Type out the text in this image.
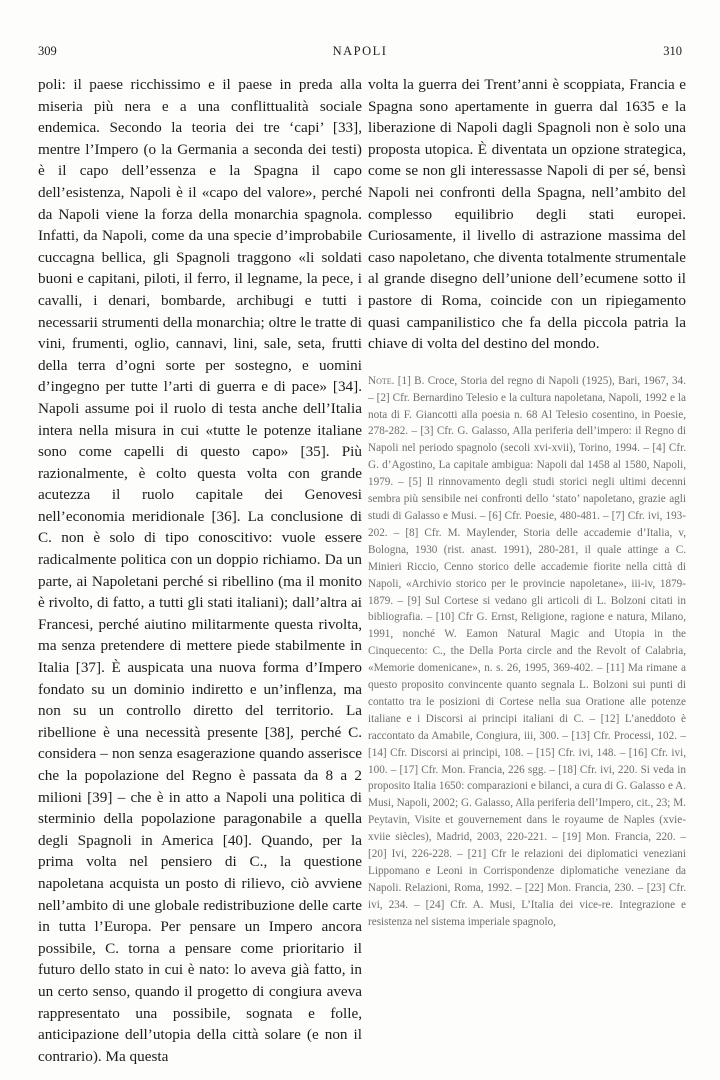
309	NAPOLI	310

poli: il paese ricchissimo e il paese in preda alla miseria più nera e a una conflittualità sociale endemica. Secondo la teoria dei tre ‘capi’ [33], mentre l’Impero (o la Germania a seconda dei testi) è il capo dell’essenza e la Spagna il capo dell’esistenza, Napoli è il «capo del valore», perché da Napoli viene la forza della monarchia spagnola. Infatti, da Napoli, come da una specie d’improbabile cuccagna bellica, gli Spagnoli traggono «li soldati buoni e capitani, piloti, il ferro, il legname, la pece, i cavalli, i denari, bombarde, archibugi e tutti i necessarii strumenti della monarchia; oltre le tratte di vini, frumenti, oglio, cannavi, lini, sale, seta, frutti della terra d’ogni sorte per sostegno, e uomini d’ingegno per tutte l’arti di guerra e di pace» [34]. Napoli assume poi il ruolo di testa anche dell’Italia intera nella misura in cui «tutte le potenze italiane sono come capelli di questo capo» [35]. Più razionalmente, è colto questa volta con grande acutezza il ruolo capitale dei Genovesi nell’economia meridionale [36]. La conclusione di C. non è solo di tipo conoscitivo: vuole essere radicalmente politica con un doppio richiamo. Da un parte, ai Napoletani perché si ribellino (ma il monito è rivolto, di fatto, a tutti gli stati italiani); dall’altra ai Francesi, perché aiutino militarmente questa rivolta, ma senza pretendere di mettere piede stabilmente in Italia [37]. È auspicata una nuova forma d’Impero fondato su un dominio indiretto e un’inflenza, ma non su un controllo diretto del territorio. La ribellione è una necessità presente [38], perché C. considera – non senza esagerazione quando asserisce che la popolazione del Regno è passata da 8 a 2 milioni [39] – che è in atto a Napoli una politica di sterminio della popolazione paragonabile a quella degli Spagnoli in America [40]. Quando, per la prima volta nel pensiero di C., la questione napoletana acquista un posto di rilievo, ciò avviene nell’ambito di une globale redistribuzione delle carte in tutta l’Europa. Per pensare un Impero ancora possibile, C. torna a pensare come prioritario il futuro dello stato in cui è nato: lo aveva già fatto, in un certo senso, quando il progetto di congiura aveva rappresentato una possibile, sognata e folle, anticipazione dell’utopia della città solare (e non il contrario). Ma questa

volta la guerra dei Trent’anni è scoppiata, Francia e Spagna sono apertamente in guerra dal 1635 e la liberazione di Napoli dagli Spagnoli non è solo una proposta utopica. È diventata un opzione strategica, come se non gli interessasse Napoli di per sé, bensì Napoli nei confronti della Spagna, nell’ambito del complesso equilibrio degli stati europei. Curiosamente, il livello di astrazione massima del caso napoletano, che diventa totalmente strumentale al grande disegno dell’unione dell’ecumene sotto il pastore di Roma, coincide con un ripiegamento quasi campanilistico che fa della piccola patria la chiave di volta del destino del mondo.

Note. [1] B. Croce, Storia del regno di Napoli (1925), Bari, 1967, 34. – [2] Cfr. Bernardino Telesio e la cultura napoletana, Napoli, 1992 e la nota di F. Giancotti alla poesia n. 68 Al Telesio cosentino, in Poesie, 278-282. – [3] Cfr. G. Galasso, Alla periferia dell’impero: il Regno di Napoli nel periodo spagnolo (secoli xvi-xvii), Torino, 1994. – [4] Cfr. G. d’Agostino, La capitale ambigua: Napoli dal 1458 al 1580, Napoli, 1979. – [5] Il rinnovamento degli studi storici negli ultimi decenni sembra più sensibile nei confronti dello ‘stato’ napoletano, grazie agli studi di Galasso e Musi. – [6] Cfr. Poesie, 480-481. – [7] Cfr. ivi, 193-202. – [8] Cfr. M. Maylender, Storia delle accademie d’Italia, v, Bologna, 1930 (rist. anast. 1991), 280-281, il quale attinge a C. Minieri Riccio, Cenno storico delle accademie fiorite nella città di Napoli, «Archivio storico per le provincie napoletane», iii-iv, 1879-1879. – [9] Sul Cortese si vedano gli articoli di L. Bolzoni citati in bibliografia. – [10] Cfr G. Ernst, Religione, ragione e natura, Milano, 1991, nonché W. Eamon Natural Magic and Utopia in the Cinquecento: C., the Della Porta circle and the Revolt of Calabria, «Memorie domenicane», n. s. 26, 1995, 369-402. – [11] Ma rimane a questo proposito convincente quanto segnala L. Bolzoni sui punti di contatto tra le posizioni di Cortese nella sua Oratione alle potenze italiane e i Discorsi ai principi italiani di C. – [12] L’aneddoto è raccontato da Amabile, Congiura, iii, 300. – [13] Cfr. Processi, 102. – [14] Cfr. Discorsi ai principi, 108. – [15] Cfr. ivi, 148. – [16] Cfr. ivi, 100. – [17] Cfr. Mon. Francia, 226 sgg. – [18] Cfr. ivi, 220. Si veda in proposito Italia 1650: comparazioni e bilanci, a cura di G. Galasso e A. Musi, Napoli, 2002; G. Galasso, Alla periferia dell’Impero, cit., 23; M. Peytavin, Visite et gouvernement dans le royaume de Naples (xvie-xviie siècles), Madrid, 2003, 220-221. – [19] Mon. Francia, 220. – [20] Ivi, 226-228. – [21] Cfr le relazioni dei diplomatici veneziani Lippomano e Leoni in Corrispondenze diplomatiche veneziane da Napoli. Relazioni, Roma, 1992. – [22] Mon. Francia, 230. – [23] Cfr. ivi, 234. – [24] Cfr. A. Musi, L’Italia dei vice-re. Integrazione e resistenza nel sistema imperiale spagnolo,
